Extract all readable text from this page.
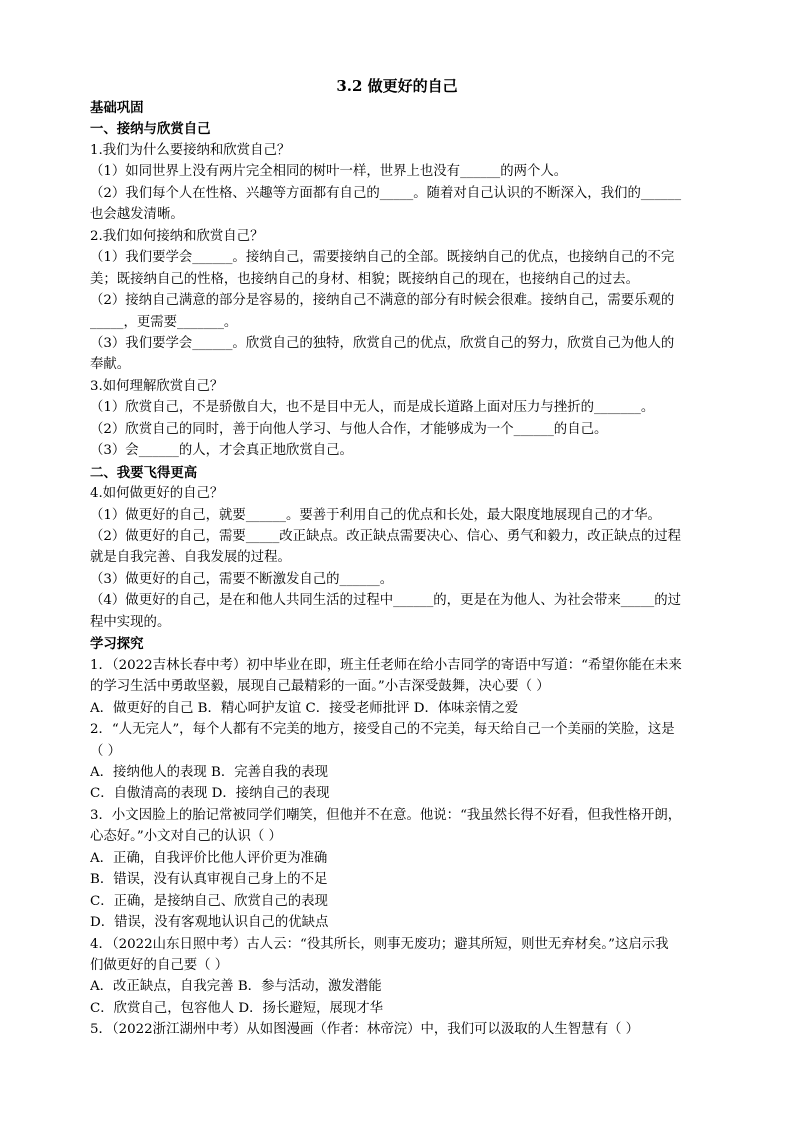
3.2 做更好的自己
基础巩固
一、接纳与欣赏自己
1.我们为什么要接纳和欣赏自己？
（1）如同世界上没有两片完全相同的树叶一样，世界上也没有______的两个人。
（2）我们每个人在性格、兴趣等方面都有自己的_____。随着对自己认识的不断深入，我们的______
也会越发清晰。
2.我们如何接纳和欣赏自己？
（1）我们要学会______。接纳自己，需要接纳自己的全部。既接纳自己的优点，也接纳自己的不完
美；既接纳自己的性格，也接纳自己的身材、相貌；既接纳自己的现在，也接纳自己的过去。
（2）接纳自己满意的部分是容易的，接纳自己不满意的部分有时候会很难。接纳自己，需要乐观的
_____，更需要_______。
（3）我们要学会______。欣赏自己的独特，欣赏自己的优点，欣赏自己的努力，欣赏自己为他人的
奉献。
3.如何理解欣赏自己？
（1）欣赏自己，不是骄傲自大，也不是目中无人，而是成长道路上面对压力与挫折的_______。
（2）欣赏自己的同时，善于向他人学习、与他人合作，才能够成为一个______的自己。
（3）会______的人，才会真正地欣赏自己。
二、我要飞得更高
4.如何做更好的自己？
（1）做更好的自己，就要______。要善于利用自己的优点和长处，最大限度地展现自己的才华。
（2）做更好的自己，需要_____改正缺点。改正缺点需要决心、信心、勇气和毅力，改正缺点的过程
就是自我完善、自我发展的过程。
（3）做更好的自己，需要不断激发自己的______。
（4）做更好的自己，是在和他人共同生活的过程中______的，更是在为他人、为社会带来_____的过
程中实现的。
学习探究
1．（2022吉林长春中考）初中毕业在即，班主任老师在给小吉同学的寄语中写道：“希望你能在未来
的学习生活中勇敢坚毅，展现自己最精彩的一面。”小吉深受鼓舞，决心要（ ）
A．做更好的自己 B．精心呵护友谊 C．接受老师批评 D．体味亲情之爱
2．“人无完人”，每个人都有不完美的地方，接受自己的不完美，每天给自己一个美丽的笑脸，这是
（ ）
A．接纳他人的表现 B．完善自我的表现
C．自傲清高的表现 D．接纳自己的表现
3．小文因脸上的胎记常被同学们嘲笑，但他并不在意。他说：“我虽然长得不好看，但我性格开朗，
心态好。”小文对自己的认识（ ）
A．正确，自我评价比他人评价更为准确
B．错误，没有认真审视自己身上的不足
C．正确，是接纳自己、欣赏自己的表现
D．错误，没有客观地认识自己的优缺点
4．（2022山东日照中考）古人云：“役其所长，则事无废功；避其所短，则世无弃材矣。”这启示我
们做更好的自己要（ ）
A．改正缺点，自我完善 B．参与活动，激发潜能
C．欣赏自己，包容他人 D．扬长避短，展现才华
5．（2022浙江湖州中考）从如图漫画（作者：林帝浣）中，我们可以汲取的人生智慧有（ ）
